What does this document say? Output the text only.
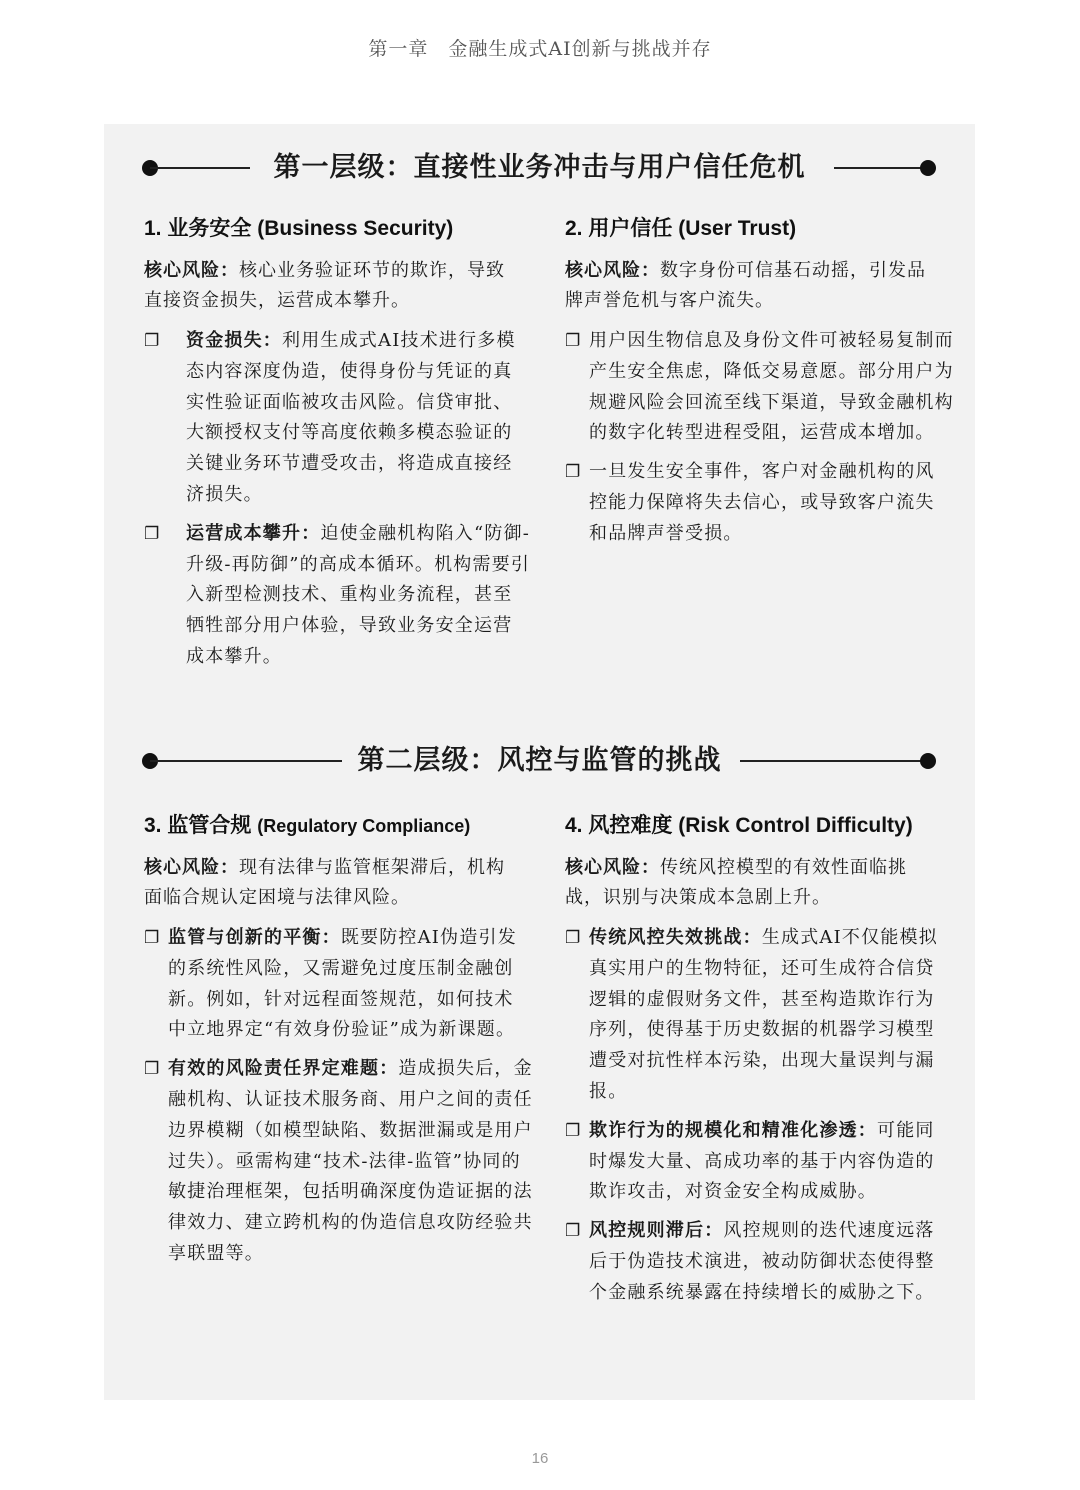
第一章　金融生成式AI创新与挑战并存
第一层级：直接性业务冲击与用户信任危机
1. 业务安全 (Business Security)
核心风险：核心业务验证环节的欺诈，导致直接资金损失，运营成本攀升。
❐ 资金损失：利用生成式AI技术进行多模态内容深度伪造，使得身份与凭证的真实性验证面临被攻击风险。信贷审批、大额授权支付等高度依赖多模态验证的关键业务环节遭受攻击，将造成直接经济损失。
❐ 运营成本攀升：迫使金融机构陷入“防御-升级-再防御”的高成本循环。机构需要引入新型检测技术、重构业务流程，甚至牺牲部分用户体验，导致业务安全运营成本攀升。
2. 用户信任 (User Trust)
核心风险：数字身份可信基石动摇，引发品牌声誉危机与客户流失。
❐ 用户因生物信息及身份文件可被轻易复制而产生安全焦虑，降低交易意愿。部分用户为规避风险会回流至线下渠道，导致金融机构的数字化转型进程受阻，运营成本增加。
❐ 一旦发生安全事件，客户对金融机构的风控能力保障将失去信心，或导致客户流失和品牌声誉受损。
第二层级：风控与监管的挑战
3. 监管合规 (Regulatory Compliance)
核心风险：现有法律与监管框架滞后，机构面临合规认定困境与法律风险。
❐ 监管与创新的平衡：既要防控AI伪造引发的系统性风险，又需避免过度压制金融创新。例如，针对远程面签规范，如何技术中立地界定“有效身份验证”成为新课题。
❐ 有效的风险责任界定难题：造成损失后，金融机构、认证技术服务商、用户之间的责任边界模糊（如模型缺陷、数据泄漏或是用户过失）。亟需构建“技术-法律-监管”协同的敏捷治理框架，包括明确深度伪造证据的法律效力、建立跨机构的伪造信息攻防经验共享联盟等。
4. 风控难度 (Risk Control Difficulty)
核心风险：传统风控模型的有效性面临挑战，识别与决策成本急剧上升。
❐ 传统风控失效挑战：生成式AI不仅能模拟真实用户的生物特征，还可生成符合信贷逻辑的虚假财务文件，甚至构造欺诈行为序列，使得基于历史数据的机器学习模型遭受对抗性样本污染，出现大量误判与漏报。
❐ 欺诈行为的规模化和精准化渗透：可能同时爆发大量、高成功率的基于内容伪造的欺诈攻击，对资金安全构成威胁。
❐ 风控规则滞后：风控规则的迭代速度远落后于伪造技术演进，被动防御状态使得整个金融系统暴露在持续增长的威胁之下。
16
